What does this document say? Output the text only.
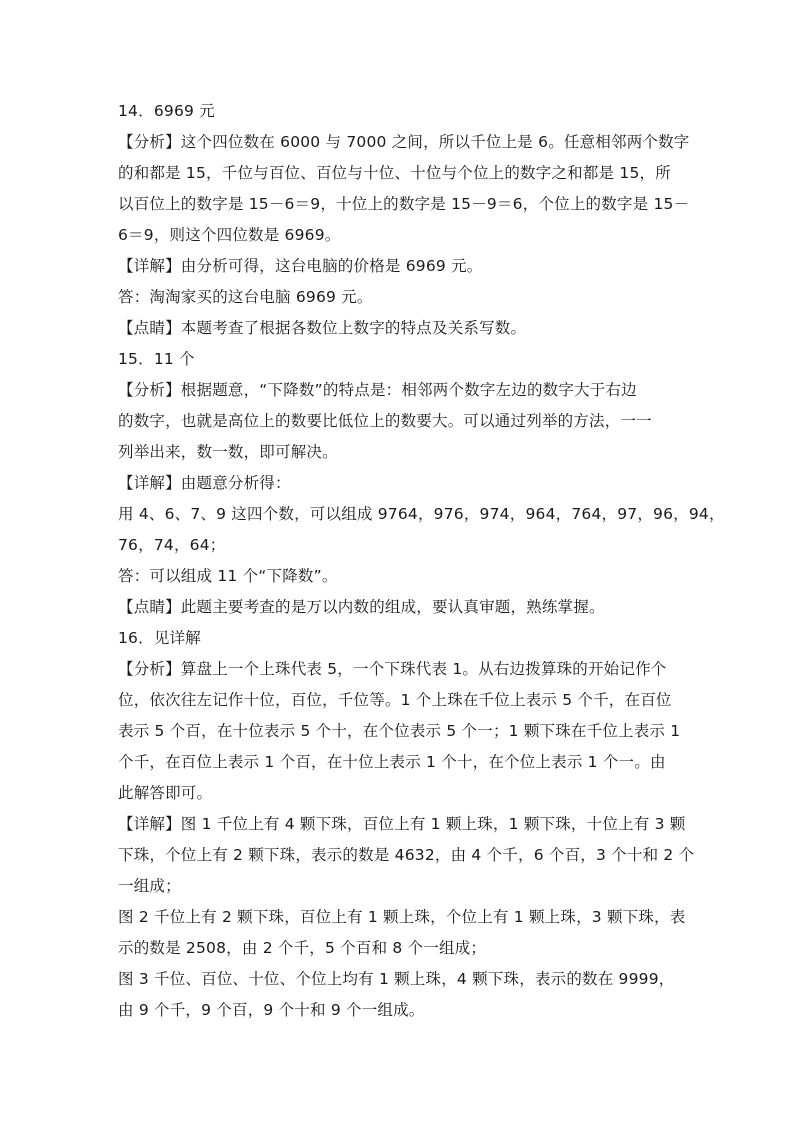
14．6969 元
【分析】这个四位数在 6000 与 7000 之间，所以千位上是 6。任意相邻两个数字
的和都是 15，千位与百位、百位与十位、十位与个位上的数字之和都是 15，所
以百位上的数字是 15－6＝9，十位上的数字是 15－9＝6，个位上的数字是 15－
6＝9，则这个四位数是 6969。
【详解】由分析可得，这台电脑的价格是 6969 元。
答：淘淘家买的这台电脑 6969 元。
【点睛】本题考查了根据各数位上数字的特点及关系写数。
15．11 个
【分析】根据题意，“下降数”的特点是：相邻两个数字左边的数字大于右边
的数字，也就是高位上的数要比低位上的数要大。可以通过列举的方法，一一
列举出来，数一数，即可解决。
【详解】由题意分析得：
用 4、6、7、9 这四个数，可以组成 9764，976，974，964，764，97，96，94，
76，74，64；
答：可以组成 11 个“下降数”。
【点睛】此题主要考查的是万以内数的组成，要认真审题，熟练掌握。
16．见详解
【分析】算盘上一个上珠代表 5，一个下珠代表 1。从右边拨算珠的开始记作个
位，依次往左记作十位，百位，千位等。1 个上珠在千位上表示 5 个千，在百位
表示 5 个百，在十位表示 5 个十，在个位表示 5 个一；1 颗下珠在千位上表示 1
个千，在百位上表示 1 个百，在十位上表示 1 个十，在个位上表示 1 个一。由
此解答即可。
【详解】图 1 千位上有 4 颗下珠，百位上有 1 颗上珠，1 颗下珠，十位上有 3 颗
下珠，个位上有 2 颗下珠，表示的数是 4632，由 4 个千，6 个百，3 个十和 2 个
一组成；
图 2 千位上有 2 颗下珠，百位上有 1 颗上珠，个位上有 1 颗上珠，3 颗下珠，表
示的数是 2508，由 2 个千，5 个百和 8 个一组成；
图 3 千位、百位、十位、个位上均有 1 颗上珠，4 颗下珠，表示的数在 9999，
由 9 个千，9 个百，9 个十和 9 个一组成。
